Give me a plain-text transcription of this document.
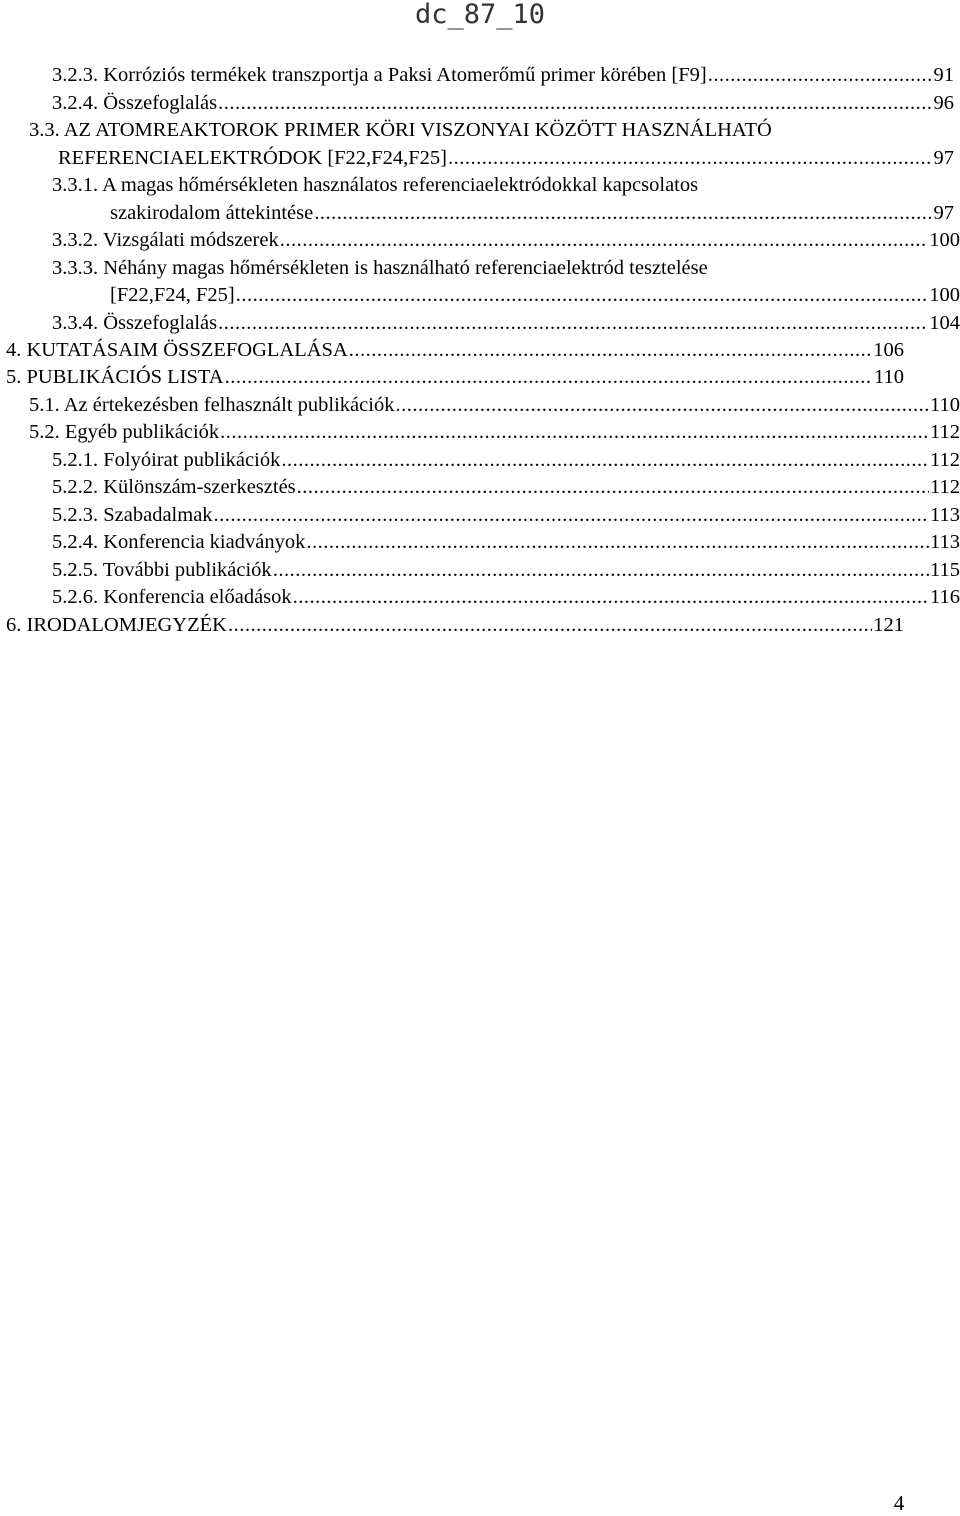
dc_87_10
3.2.3. Korróziós termékek transzportja a Paksi Atomerőmű primer körében [F9] .....	91
3.2.4. Összefoglalás .....	96
3.3. AZ ATOMREAKTOROK PRIMER KÖRI VISZONYAI KÖZÖTT HASZNÁLHATÓ
REFERENCIAELEKTRÓDOK [F22,F24,F25] .....	97
3.3.1. A magas hőmérsékleten használatos referenciaelektródokkal kapcsolatos
szakirodalom áttekintése .....	97
3.3.2. Vizsgálati módszerek .....	100
3.3.3. Néhány magas hőmérsékleten is használható referenciaelektród tesztelése
[F22,F24, F25] .....	100
3.3.4. Összefoglalás .....	104
4. KUTATÁSAIM ÖSSZEFOGLALÁSA .....	106
5. PUBLIKÁCIÓS LISTA .....	110
5.1. Az értekezésben felhasznált publikációk .....	110
5.2. Egyéb publikációk .....	112
5.2.1. Folyóirat publikációk .....	112
5.2.2. Különszám-szerkesztés .....	112
5.2.3. Szabadalmak .....	113
5.2.4. Konferencia kiadványok .....	113
5.2.5. További publikációk .....	115
5.2.6. Konferencia előadások .....	116
6. IRODALOMJEGYZÉK .....	121
4
